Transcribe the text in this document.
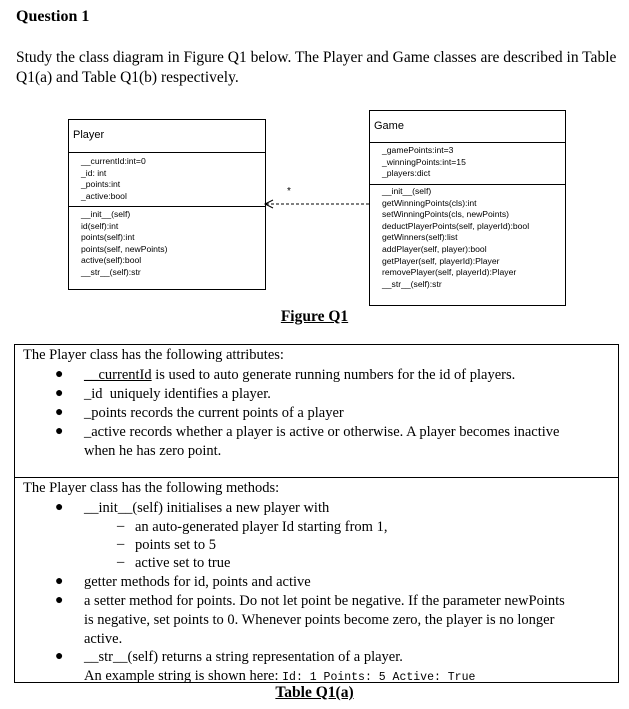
Question 1
Study the class diagram in Figure Q1 below. The Player and Game classes are described in Table Q1(a) and Table Q1(b) respectively.
Player
__currentId:int=0
_id: int
_points:int
_active:bool
__init__(self)
id(self):int
points(self):int
points(self, newPoints)
active(self):bool
__str__(self):str
Game
_gamePoints:int=3
_winningPoints:int=15
_players:dict
__init__(self)
getWinningPoints(cls):int
setWinningPoints(cls, newPoints)
deductPlayerPoints(self, playerId):bool
getWinners(self):list
addPlayer(self, player):bool
getPlayer(self, playerId):Player
removePlayer(self, playerId):Player
__str__(self):str
*
Figure Q1
The Player class has the following attributes:
● __currentId is used to auto generate running numbers for the id of players.
● _id  uniquely identifies a player.
● _points records the current points of a player
● _active records whether a player is active or otherwise. A player becomes inactive
when he has zero point.
The Player class has the following methods:
● __init__(self) initialises a new player with
– an auto-generated player Id starting from 1,
– points set to 5
– active set to true
● getter methods for id, points and active
● a setter method for points. Do not let point be negative. If the parameter newPoints
is negative, set points to 0. Whenever points become zero, the player is no longer
active.
● __str__(self) returns a string representation of a player.
An example string is shown here: Id: 1 Points: 5 Active: True
Table Q1(a)
